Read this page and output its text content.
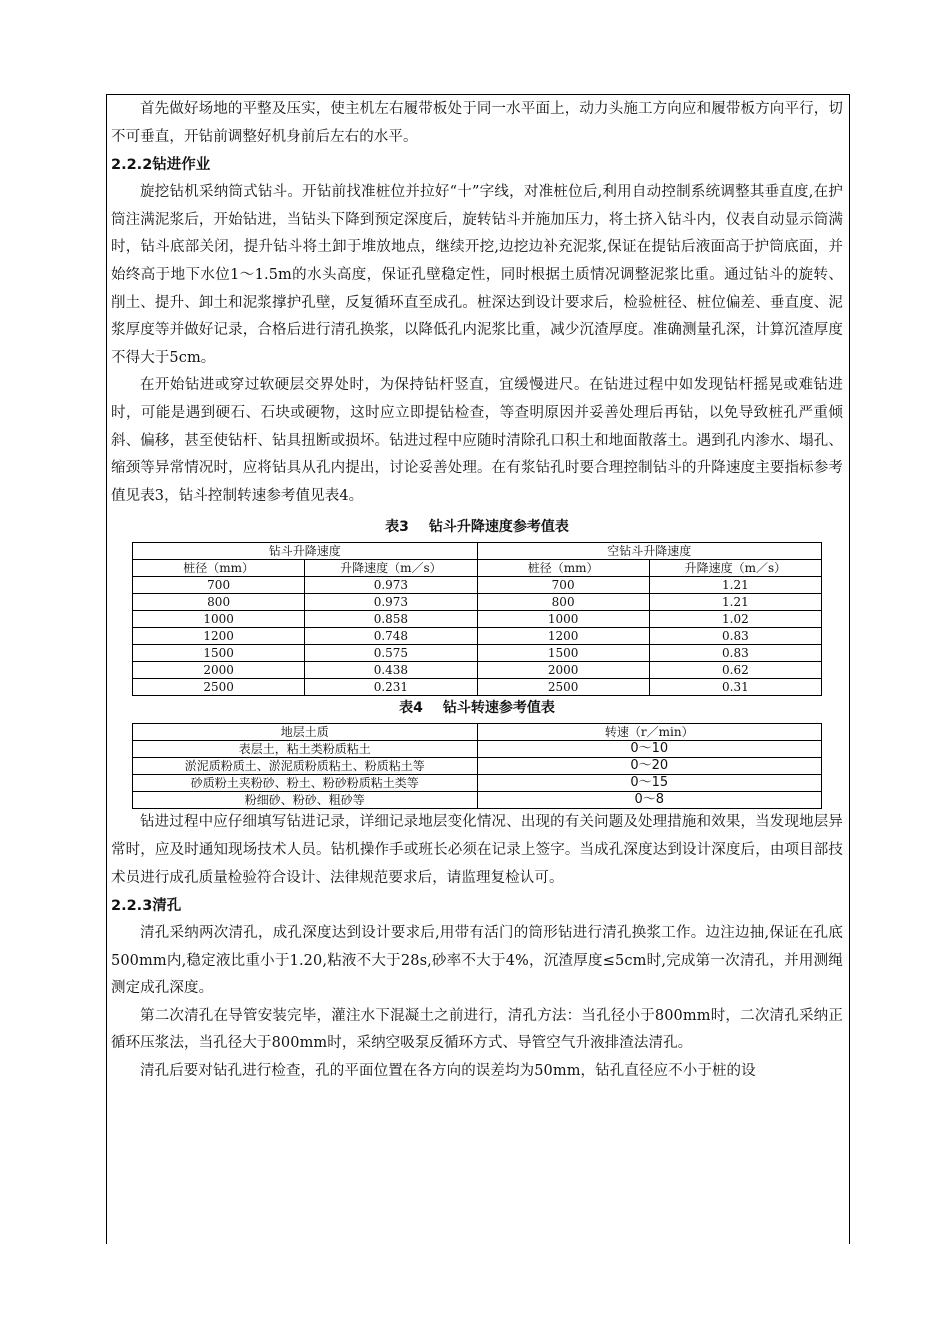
首先做好场地的平整及压实，使主机左右履带板处于同一水平面上，动力头施工方向应和履带板方向平行，切不可垂直，开钻前调整好机身前后左右的水平。

2.2.2钻进作业

旋挖钻机采纳筒式钻斗。开钻前找准桩位并拉好“十”字线，对准桩位后,利用自动控制系统调整其垂直度,在护筒注满泥浆后，开始钻进，当钻头下降到预定深度后，旋转钻斗并施加压力，将土挤入钻斗内，仪表自动显示筒满时，钻斗底部关闭，提升钻斗将土卸于堆放地点，继续开挖,边挖边补充泥浆,保证在提钻后液面高于护筒底面，并始终高于地下水位1～1.5m的水头高度，保证孔壁稳定性，同时根据土质情况调整泥浆比重。通过钻斗的旋转、削土、提升、卸土和泥浆撑护孔壁，反复循环直至成孔。桩深达到设计要求后，检验桩径、桩位偏差、垂直度、泥浆厚度等并做好记录，合格后进行清孔换浆，以降低孔内泥浆比重，减少沉渣厚度。准确测量孔深，计算沉渣厚度不得大于5cm。

在开始钻进或穿过软硬层交界处时，为保持钻杆竖直，宜缓慢进尺。在钻进过程中如发现钻杆摇晃或难钻进时，可能是遇到硬石、石块或硬物，这时应立即提钻检查，等查明原因并妥善处理后再钻，以免导致桩孔严重倾斜、偏移，甚至使钻杆、钻具扭断或损坏。钻进过程中应随时清除孔口积土和地面散落土。遇到孔内渗水、塌孔、缩颈等异常情况时，应将钻具从孔内提出，讨论妥善处理。在有浆钻孔时要合理控制钻斗的升降速度主要指标参考值见表3，钻斗控制转速参考值见表4。

表3 钻斗升降速度参考值表
钻斗升降速度		空钻斗升降速度	
桩径（mm）	升降速度（m／s）	桩径（mm）	升降速度（m／s）
700	0.973	700	1.21
800	0.973	800	1.21
1000	0.858	1000	1.02
1200	0.748	1200	0.83
1500	0.575	1500	0.83
2000	0.438	2000	0.62
2500	0.231	2500	0.31
表4 钻斗转速参考值表
地层土质	转速（r／min）
表层土，粘土类粉质粘土	0～10
淤泥质粉质土、淤泥质粉质粘土、粉质粘土等	0～20
砂质粉土夹粉砂、粉土、粉砂粉质粘土类等	0～15
粉细砂、粉砂、粗砂等	0～8

钻进过程中应仔细填写钻进记录，详细记录地层变化情况、出现的有关问题及处理措施和效果，当发现地层异常时，应及时通知现场技术人员。钻机操作手或班长必须在记录上签字。当成孔深度达到设计深度后，由项目部技术员进行成孔质量检验符合设计、法律规范要求后，请监理复检认可。

2.2.3清孔

清孔采纳两次清孔，成孔深度达到设计要求后,用带有活门的筒形钻进行清孔换浆工作。边注边抽,保证在孔底500mm内,稳定液比重小于1.20,粘液不大于28s,砂率不大于4%，沉渣厚度≤5cm时,完成第一次清孔，并用测绳测定成孔深度。

第二次清孔在导管安装完毕，灌注水下混凝土之前进行，清孔方法：当孔径小于800mm时，二次清孔采纳正循环压浆法，当孔径大于800mm时，采纳空吸泵反循环方式、导管空气升液排渣法清孔。

清孔后要对钻孔进行检查，孔的平面位置在各方向的误差均为50mm，钻孔直径应不小于桩的设
